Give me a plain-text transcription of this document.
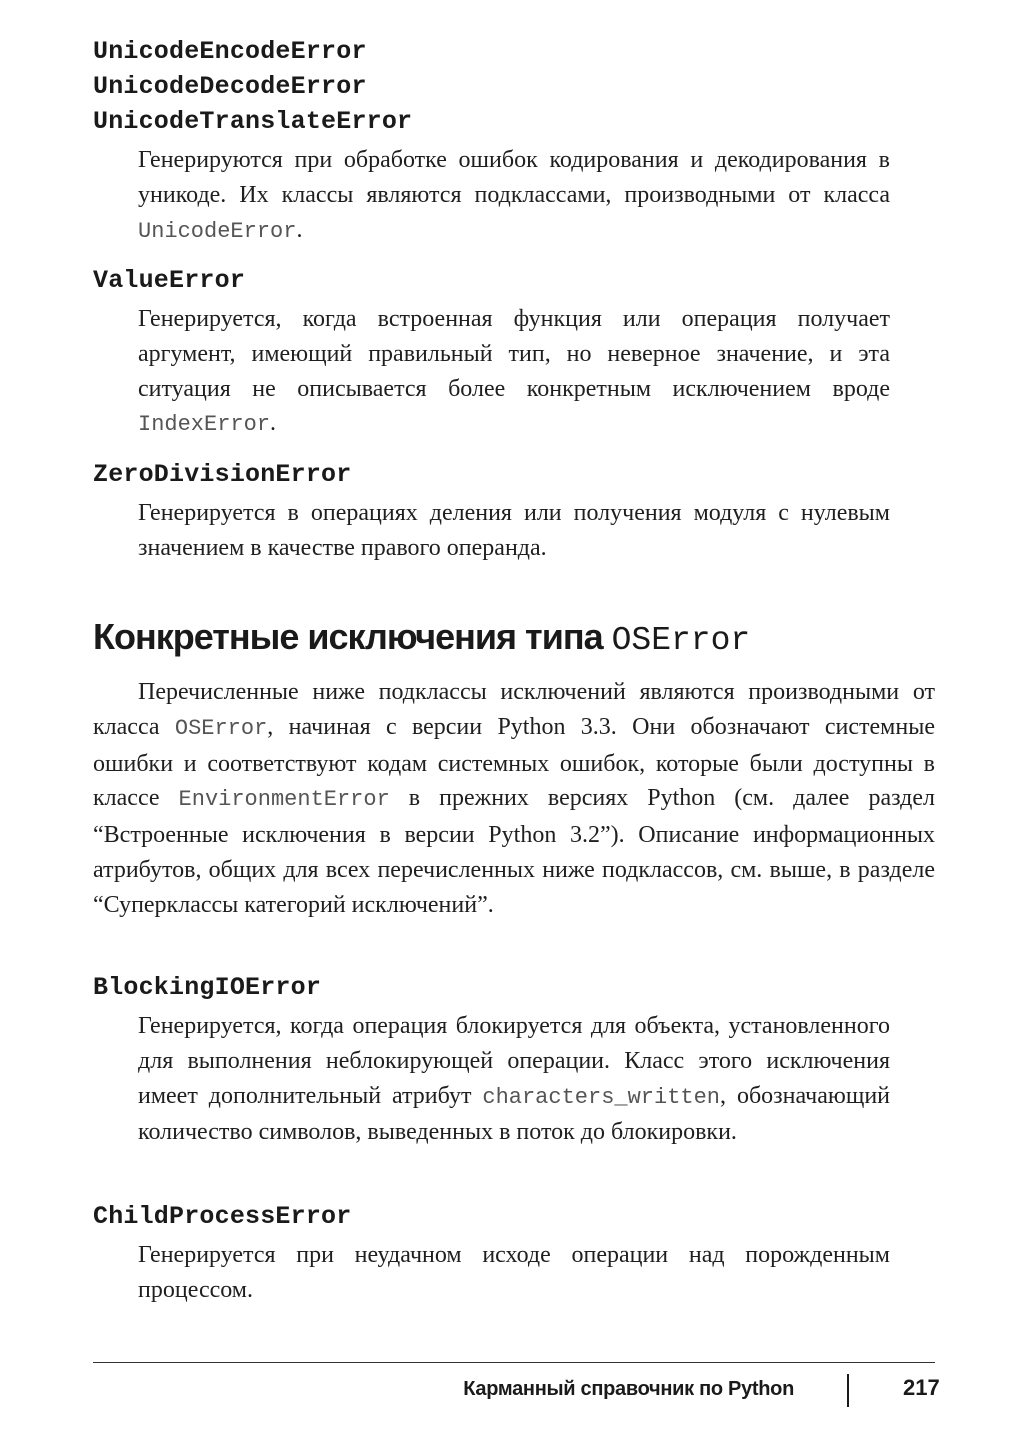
UnicodeEncodeError
UnicodeDecodeError
UnicodeTranslateError
Генерируются при обработке ошибок кодирования и декодирования в уникоде. Их классы являются подклассами, производными от класса UnicodeError.
ValueError
Генерируется, когда встроенная функция или операция получает аргумент, имеющий правильный тип, но неверное значение, и эта ситуация не описывается более конкретным исключением вроде IndexError.
ZeroDivisionError
Генерируется в операциях деления или получения модуля с нулевым значением в качестве правого операнда.
Конкретные исключения типа OSError
Перечисленные ниже подклассы исключений являются производными от класса OSError, начиная с версии Python 3.3. Они обозначают системные ошибки и соответствуют кодам системных ошибок, которые были доступны в классе EnvironmentError в прежних версиях Python (см. далее раздел “Встроенные исключения в версии Python 3.2”). Описание информационных атрибутов, общих для всех перечисленных ниже подклассов, см. выше, в разделе “Суперклассы категорий исключений”.
BlockingIOError
Генерируется, когда операция блокируется для объекта, установленного для выполнения неблокирующей операции. Класс этого исключения имеет дополнительный атрибут characters_written, обозначающий количество символов, выведенных в поток до блокировки.
ChildProcessError
Генерируется при неудачном исходе операции над порожденным процессом.
Карманный справочник по Python	217
